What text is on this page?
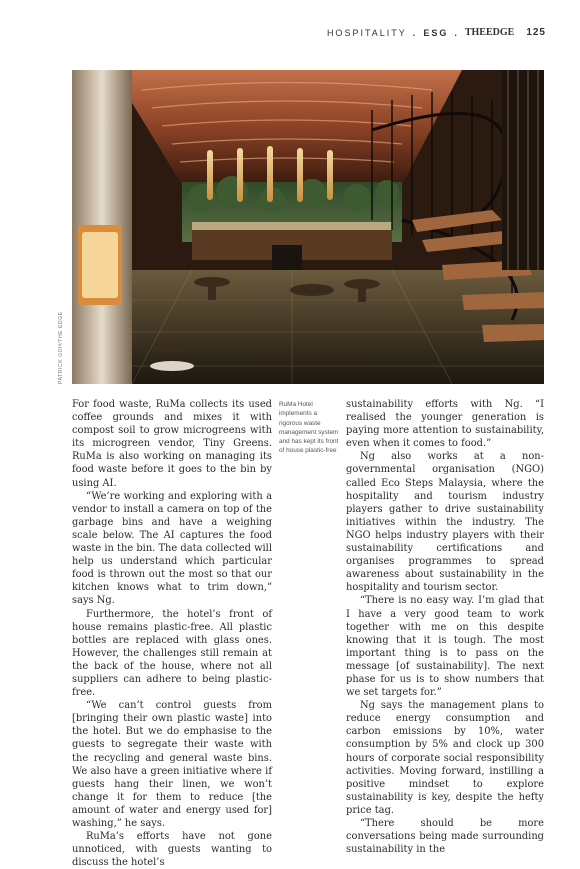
HOSPITALITY . ESG . THEEDGE 125
PATRICK GOH/THE EDGE
RuMa Hotel implements a rigorous waste management system and has kept its front of house plastic-free

For food waste, RuMa collects its used coffee grounds and mixes it with compost soil to grow microgreens with its microgreen vendor, Tiny Greens. RuMa is also working on managing its food waste before it goes to the bin by using AI.

“We’re working and exploring with a vendor to install a camera on top of the garbage bins and have a weighing scale below. The AI captures the food waste in the bin. The data collected will help us understand which particular food is thrown out the most so that our kitchen knows what to trim down,” says Ng.

Furthermore, the hotel’s front of house remains plastic-free. All plastic bottles are replaced with glass ones. However, the challenges still remain at the back of the house, where not all suppliers can adhere to being plastic-free.

“We can’t control guests from [bringing their own plastic waste] into the hotel. But we do emphasise to the guests to segregate their waste with the recycling and general waste bins. We also have a green initiative where if guests hang their linen, we won’t change it for them to reduce [the amount of water and energy used for] washing,” he says.

RuMa’s efforts have not gone unnoticed, with guests wanting to discuss the hotel’s

sustainability efforts with Ng. “I realised the younger generation is paying more attention to sustainability, even when it comes to food.”

Ng also works at a non-governmental organisation (NGO) called Eco Steps Malaysia, where the hospitality and tourism industry players gather to drive sustainability initiatives within the industry. The NGO helps industry players with their sustainability certifications and organises programmes to spread awareness about sustainability in the hospitality and tourism sector.

“There is no easy way. I’m glad that I have a very good team to work together with me on this despite knowing that it is tough. The most important thing is to pass on the message [of sustainability]. The next phase for us is to show numbers that we set targets for.”

Ng says the management plans to reduce energy consumption and carbon emissions by 10%, water consumption by 5% and clock up 300 hours of corporate social responsibility activities. Moving forward, instilling a positive mindset to explore sustainability is key, despite the hefty price tag.

“There should be more conversations being made surrounding sustainability in the
